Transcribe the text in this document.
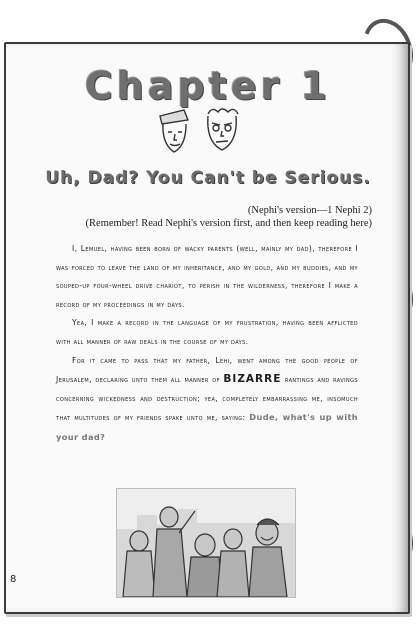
Chapter 1
Uh, Dad? You Can't be Serious.
(Nephi's version—1 Nephi 2)
(Remember! Read Nephi's version first, and then keep reading here)

I, Lemuel, having been born of wacky parents (well, mainly my dad), therefore I was forced to leave the land of my inheritance, and my gold, and my buddies, and my souped-up four-wheel drive chariot, to perish in the wilderness, therefore I make a record of my proceedings in my days.

Yea, I make a record in the language of my frustration, having been afflicted with all manner of raw deals in the course of my days.

For it came to pass that my father, Lehi, went among the good people of Jerusalem, declaring unto them all manner of BIZARRE rantings and ravings concerning wickedness and destruction; yea, completely embarrassing me, insomuch that multitudes of my friends spake unto me, saying: Dude, what's up with your dad?

8
